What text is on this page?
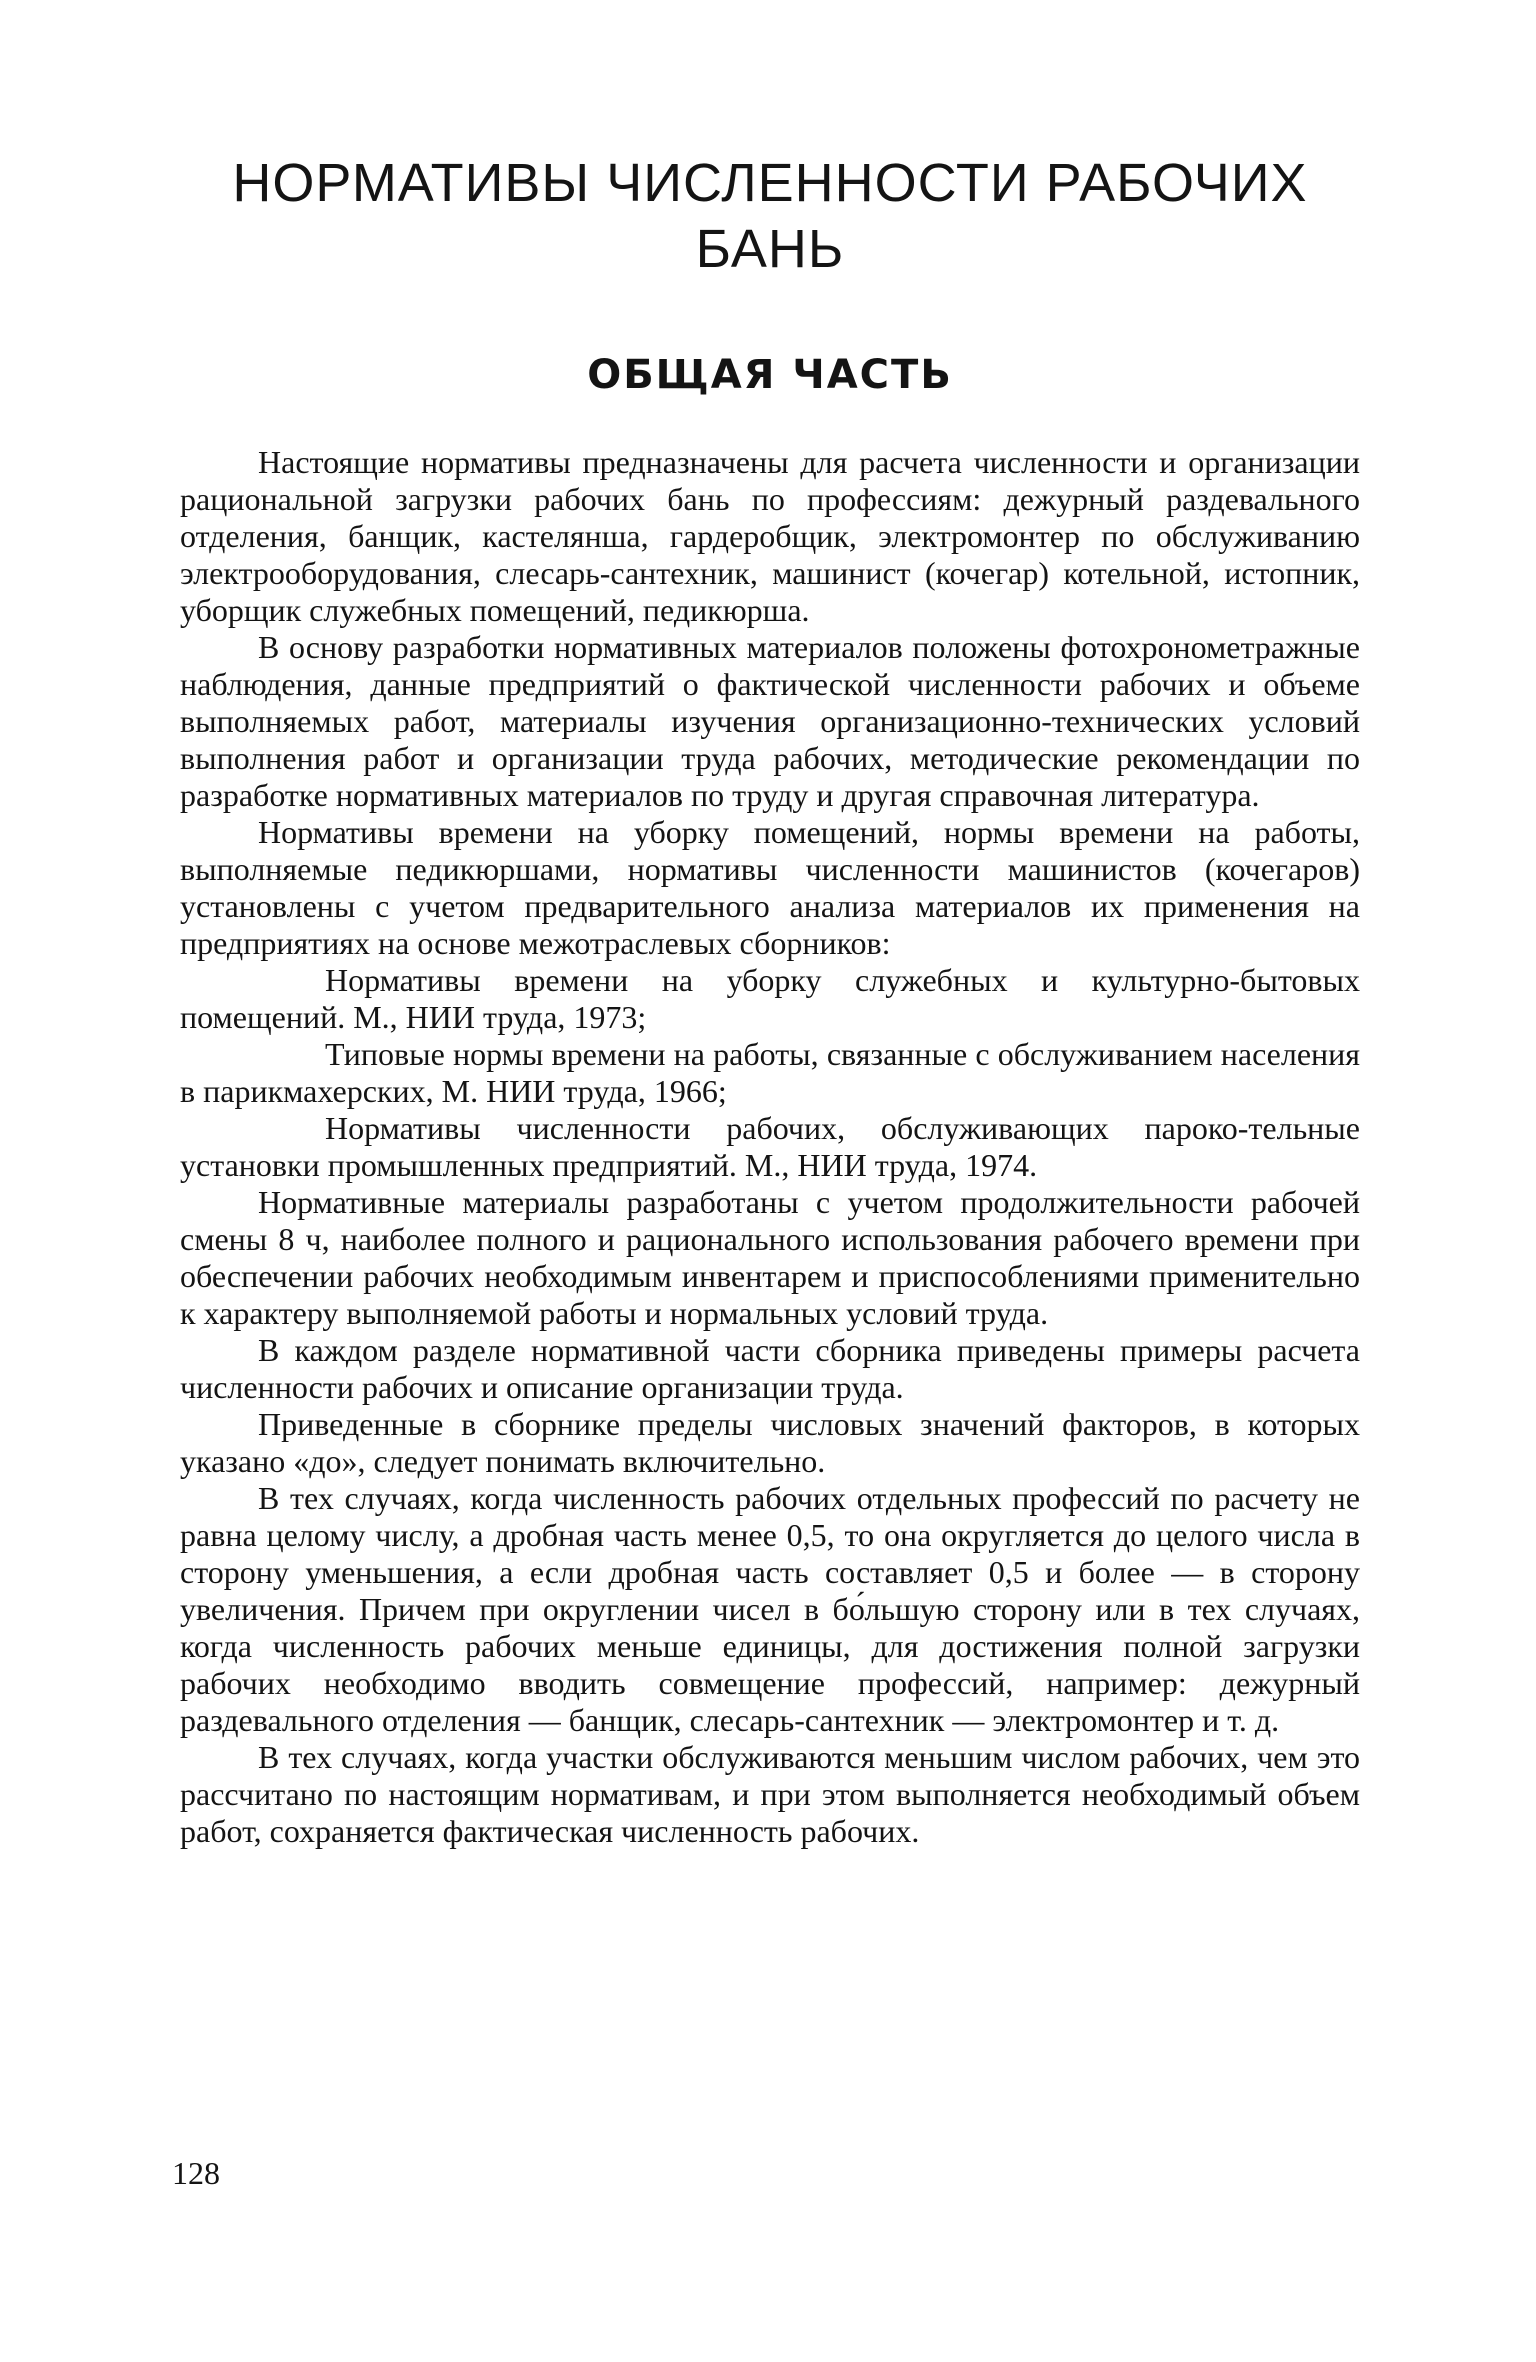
НОРМАТИВЫ ЧИСЛЕННОСТИ РАБОЧИХ
БАНЬ
ОБЩАЯ ЧАСТЬ

Настоящие нормативы предназначены для расчета численности и организации рациональной загрузки рабочих бань по профессиям: дежурный раздевального отделения, банщик, кастелянша, гардеробщик, электромонтер по обслуживанию электрооборудования, слесарь-сантехник, машинист (кочегар) котельной, истопник, уборщик служебных помещений, педикюрша.

В основу разработки нормативных материалов положены фотохронометражные наблюдения, данные предприятий о фактической численности рабочих и объеме выполняемых работ, материалы изучения организационно-технических условий выполнения работ и организации труда рабочих, методические рекомендации по разработке нормативных материалов по труду и другая справочная литература.

Нормативы времени на уборку помещений, нормы времени на работы, выполняемые педикюршами, нормативы численности машинистов (кочегаров) установлены с учетом предварительного анализа материалов их применения на предприятиях на основе межотраслевых сборников:

Нормативы времени на уборку служебных и культурно-бытовых помещений. М., НИИ труда, 1973;

Типовые нормы времени на работы, связанные с обслуживанием населения в парикмахерских, М. НИИ труда, 1966;

Нормативы численности рабочих, обслуживающих пароко-тельные установки промышленных предприятий. М., НИИ труда, 1974.

Нормативные материалы разработаны с учетом продолжительности рабочей смены 8 ч, наиболее полного и рационального использования рабочего времени при обеспечении рабочих необходимым инвентарем и приспособлениями применительно к характеру выполняемой работы и нормальных условий труда.

В каждом разделе нормативной части сборника приведены примеры расчета численности рабочих и описание организации труда.

Приведенные в сборнике пределы числовых значений факторов, в которых указано «до», следует понимать включительно.

В тех случаях, когда численность рабочих отдельных профессий по расчету не равна целому числу, а дробная часть менее 0,5, то она округляется до целого числа в сторону уменьшения, а если дробная часть составляет 0,5 и более — в сторону увеличения. Причем при округлении чисел в бо́льшую сторону или в тех случаях, когда численность рабочих меньше единицы, для достижения полной загрузки рабочих необходимо вводить совмещение профессий, например: дежурный раздевального отделения — банщик, слесарь-сантехник — электромонтер и т. д.

В тех случаях, когда участки обслуживаются меньшим числом рабочих, чем это рассчитано по настоящим нормативам, и при этом выполняется необходимый объем работ, сохраняется фактическая численность рабочих.

128
